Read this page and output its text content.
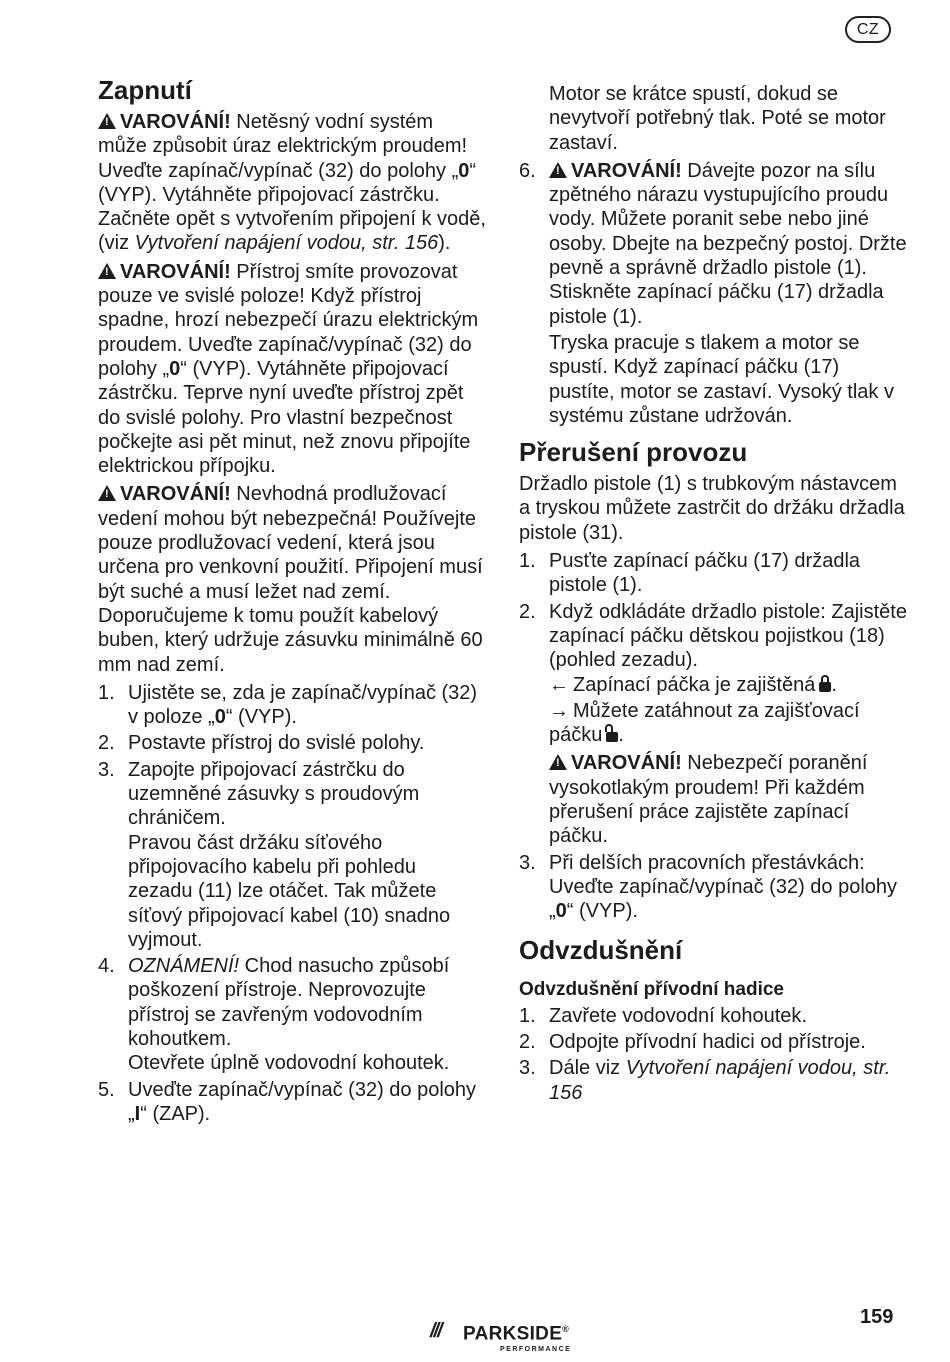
CZ
Zapnutí

!VAROVÁNÍ! Netěsný vodní systém může způsobit úraz elektrickým proudem! Uveďte zapínač/vypínač (32) do polohy „0“ (VYP). Vytáhněte připojovací zástrčku. Začněte opět s vytvořením připojení k vodě, (viz Vytvoření napájení vodou, str. 156).

!VAROVÁNÍ! Přístroj smíte provozovat pouze ve svislé poloze! Když přístroj spadne, hrozí nebezpečí úrazu elektrickým proudem. Uveďte zapínač/vypínač (32) do polohy „0“ (VYP). Vytáhněte připojovací zástrčku. Teprve nyní uveďte přístroj zpět do svislé polohy. Pro vlastní bezpečnost počkejte asi pět minut, než znovu připojíte elektrickou přípojku.

!VAROVÁNÍ! Nevhodná prodlužovací vedení mohou být nebezpečná! Používejte pouze prodlužovací vedení, která jsou určena pro venkovní použití. Připojení musí být suché a musí ležet nad zemí. Doporučujeme k tomu použít kabelový buben, který udržuje zásuvku minimálně 60 mm nad zemí.

1. Ujistěte se, zda je zapínač/vypínač (32) v poloze „0“ (VYP).
2. Postavte přístroj do svislé polohy.
3. Zapojte připojovací zástrčku do uzemněné zásuvky s proudovým chráničem.
Pravou část držáku síťového připojovacího kabelu při pohledu zezadu (11) lze otáčet. Tak můžete síťový připojovací kabel (10) snadno vyjmout.
4. OZNÁMENÍ! Chod nasucho způsobí poškození přístroje. Neprovozujte přístroj se zavřeným vodovodním kohoutkem.
Otevřete úplně vodovodní kohoutek.
5. Uveďte zapínač/vypínač (32) do polohy „I“ (ZAP).

Motor se krátce spustí, dokud se nevytvoří potřebný tlak. Poté se motor zastaví.

6.
! VAROVÁNÍ! Dávejte pozor na sílu zpětného nárazu vystupujícího proudu vody. Můžete poranit sebe nebo jiné osoby. Dbejte na bezpečný postoj. Držte pevně a správně držadlo pistole (1).
Stiskněte zapínací páčku (17) držadla pistole (1).
Tryska pracuje s tlakem a motor se spustí. Když zapínací páčku (17) pustíte, motor se zastaví. Vysoký tlak v systému zůstane udržován.
Přerušení provozu

Držadlo pistole (1) s trubkovým nástavcem a tryskou můžete zastrčit do držáku držadla pistole (31).

1. Pusťte zapínací páčku (17) držadla pistole (1).
2. Když odkládáte držadlo pistole: Zajistěte zapínací páčku dětskou pojistkou (18) (pohled zezadu).
← Zapínací páčka je zajištěná .
→ Můžete zatáhnout za zajišťovací páčku .
!VAROVÁNÍ! Nebezpečí poranění vysokotlakým proudem! Při každém přerušení práce zajistěte zapínací páčku.
3. Při delších pracovních přestávkách: Uveďte zapínač/vypínač (32) do polohy „0“ (VYP).
Odvzdušnění
Odvzdušnění přívodní hadice
1. Zavřete vodovodní kohoutek.
2. Odpojte přívodní hadici od přístroje.
3. Dále viz Vytvoření napájení vodou, str. 156
/// PARKSIDE®
PERFORMANCE
159
